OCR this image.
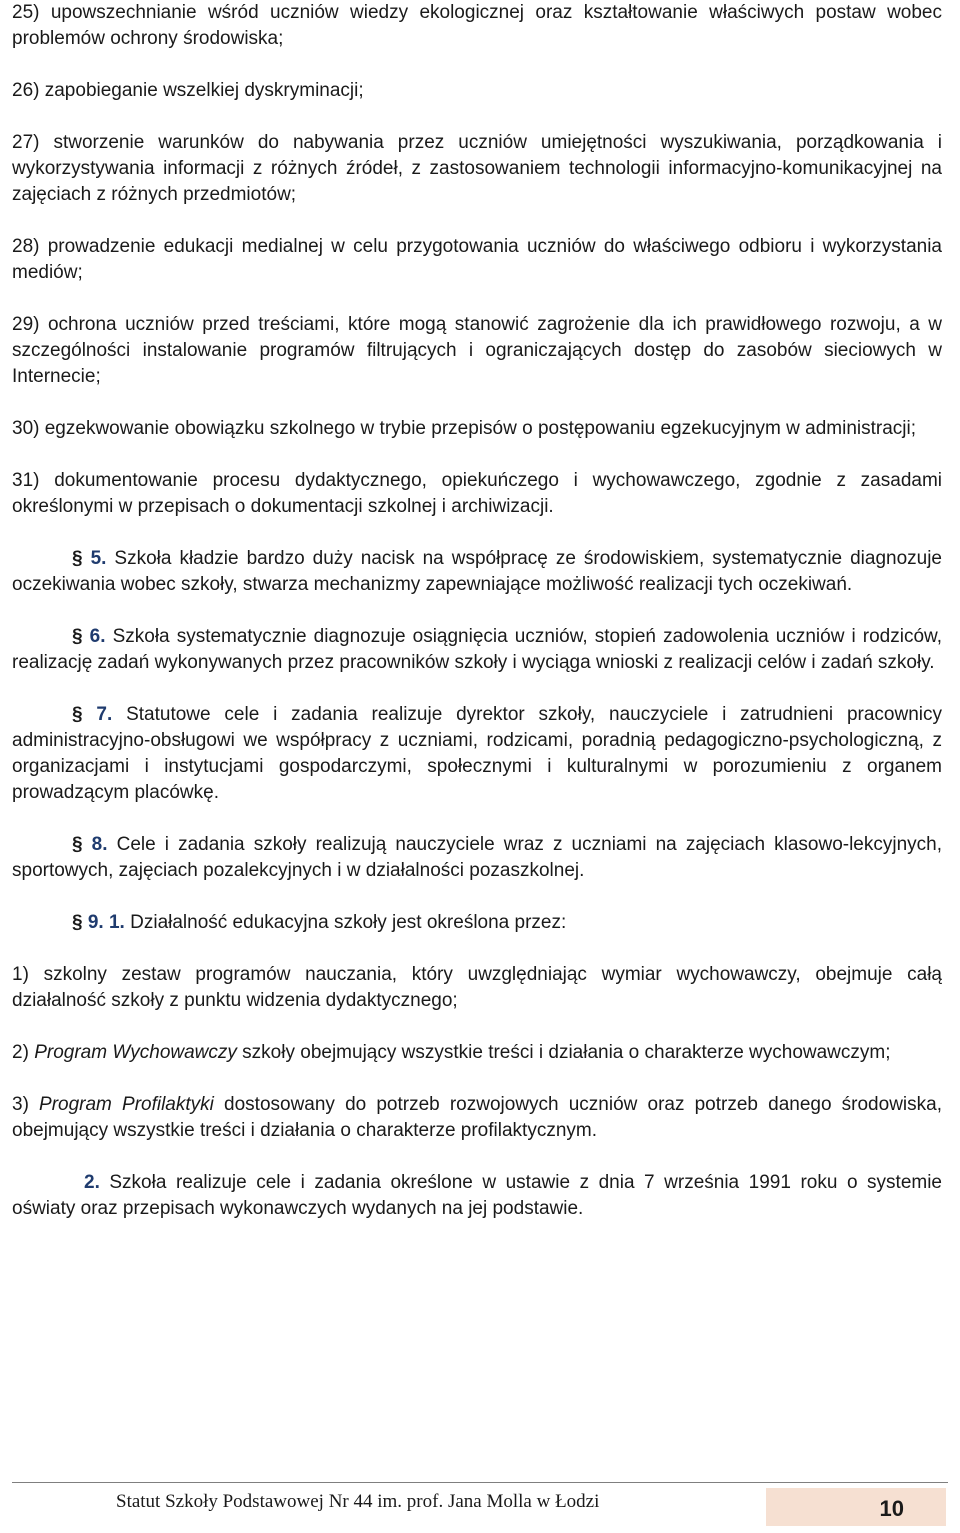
25) upowszechnianie wśród uczniów wiedzy ekologicznej oraz kształtowanie właściwych postaw wobec problemów ochrony środowiska;

26) zapobieganie wszelkiej dyskryminacji;

27) stworzenie warunków do nabywania przez uczniów umiejętności wyszukiwania, porządkowania i wykorzystywania informacji z różnych źródeł, z zastosowaniem technologii informacyjno-komunikacyjnej na zajęciach z różnych przedmiotów;

28) prowadzenie edukacji medialnej w celu przygotowania uczniów do właściwego odbioru i wykorzystania mediów;

29) ochrona uczniów przed treściami, które mogą stanowić zagrożenie dla ich prawidłowego rozwoju, a w szczególności instalowanie programów filtrujących i ograniczających dostęp do zasobów sieciowych w Internecie;

30) egzekwowanie obowiązku szkolnego w trybie przepisów o postępowaniu egzekucyjnym w administracji;

31) dokumentowanie procesu dydaktycznego, opiekuńczego i wychowawczego, zgodnie z zasadami określonymi w przepisach o dokumentacji szkolnej i archiwizacji.

§ 5. Szkoła kładzie bardzo duży nacisk na współpracę ze środowiskiem, systematycznie diagnozuje oczekiwania wobec szkoły, stwarza mechanizmy zapewniające możliwość realizacji tych oczekiwań.

§ 6. Szkoła systematycznie diagnozuje osiągnięcia uczniów, stopień zadowolenia uczniów i rodziców, realizację zadań wykonywanych przez pracowników szkoły i wyciąga wnioski z realizacji celów i zadań szkoły.

§ 7. Statutowe cele i zadania realizuje dyrektor szkoły, nauczyciele i zatrudnieni pracownicy administracyjno-obsługowi we współpracy z uczniami, rodzicami, poradnią pedagogiczno-psychologiczną, z organizacjami i instytucjami gospodarczymi, społecznymi i kulturalnymi w porozumieniu z organem prowadzącym placówkę.

§ 8. Cele i zadania szkoły realizują nauczyciele wraz z uczniami na zajęciach klasowo-lekcyjnych, sportowych, zajęciach pozalekcyjnych i w działalności pozaszkolnej.

§ 9. 1. Działalność edukacyjna szkoły jest określona przez:

1) szkolny zestaw programów nauczania, który uwzględniając wymiar wychowawczy, obejmuje całą działalność szkoły z punktu widzenia dydaktycznego;

2) Program Wychowawczy szkoły obejmujący wszystkie treści i działania o charakterze wychowawczym;

3) Program Profilaktyki dostosowany do potrzeb rozwojowych uczniów oraz potrzeb danego środowiska, obejmujący wszystkie treści i działania o charakterze profilaktycznym.

2. Szkoła realizuje cele i zadania określone w ustawie z dnia 7 września 1991 roku o systemie oświaty oraz przepisach wykonawczych wydanych na jej podstawie.

Statut Szkoły Podstawowej Nr 44 im. prof. Jana Molla w Łodzi	10
